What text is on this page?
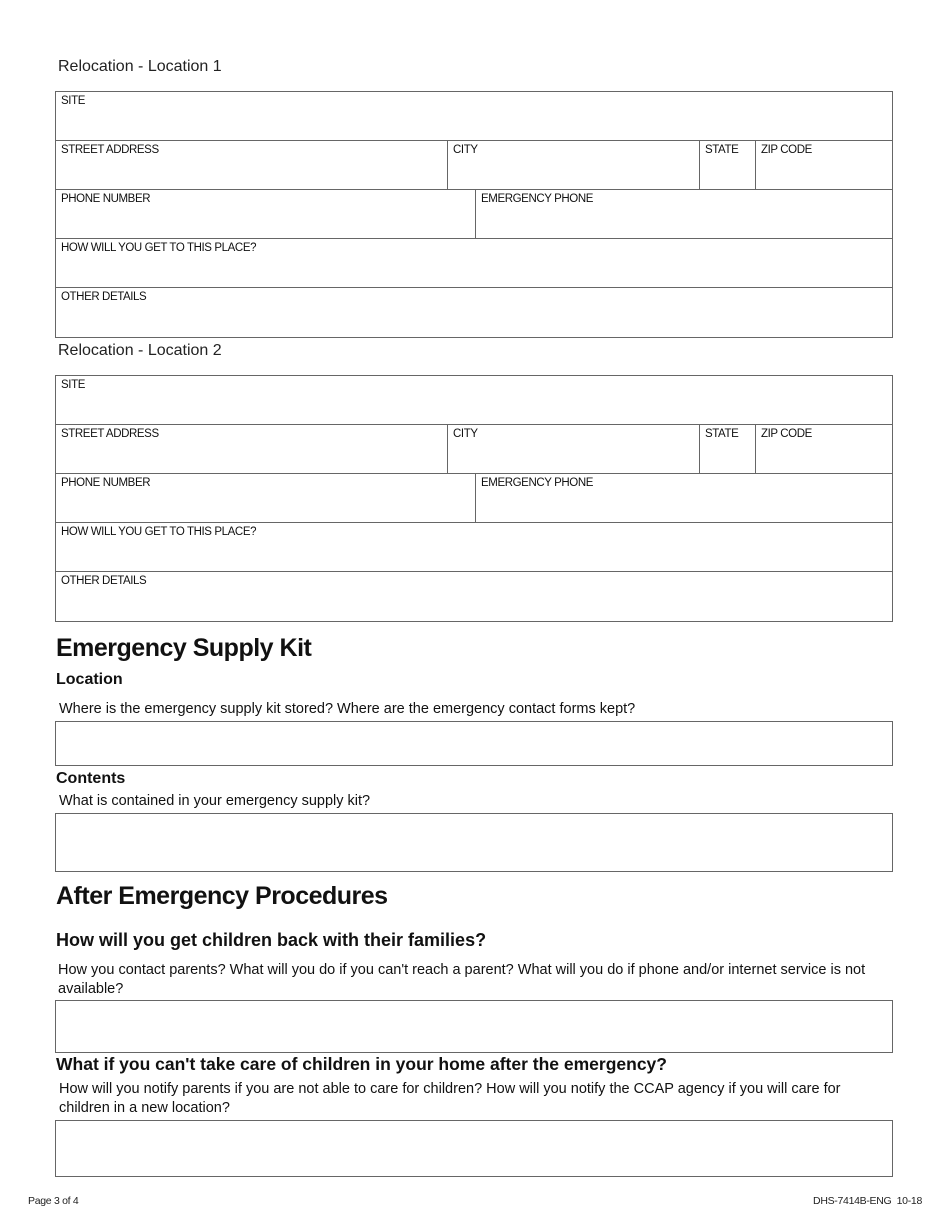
Relocation - Location 1
SITE
STREET ADDRESS	CITY	STATE ZIP CODE
PHONE NUMBER	EMERGENCY PHONE
HOW WILL YOU GET TO THIS PLACE?
OTHER DETAILS
Relocation - Location 2
SITE
STREET ADDRESS	CITY	STATE ZIP CODE
PHONE NUMBER	EMERGENCY PHONE
HOW WILL YOU GET TO THIS PLACE?
OTHER DETAILS
Emergency Supply Kit
Location
Where is the emergency supply kit stored? Where are the emergency contact forms kept?
Contents
What is contained in your emergency supply kit?
After Emergency Procedures
How will you get children back with their families?
How you contact parents? What will you do if you can't reach a parent? What will you do if phone and/or internet service is not available?
What if you can't take care of children in your home after the emergency?
How will you notify parents if you are not able to care for children? How will you notify the CCAP agency if you will care for children in a new location?
Page 3 of 4	DHS-7414B-ENG  10-18
